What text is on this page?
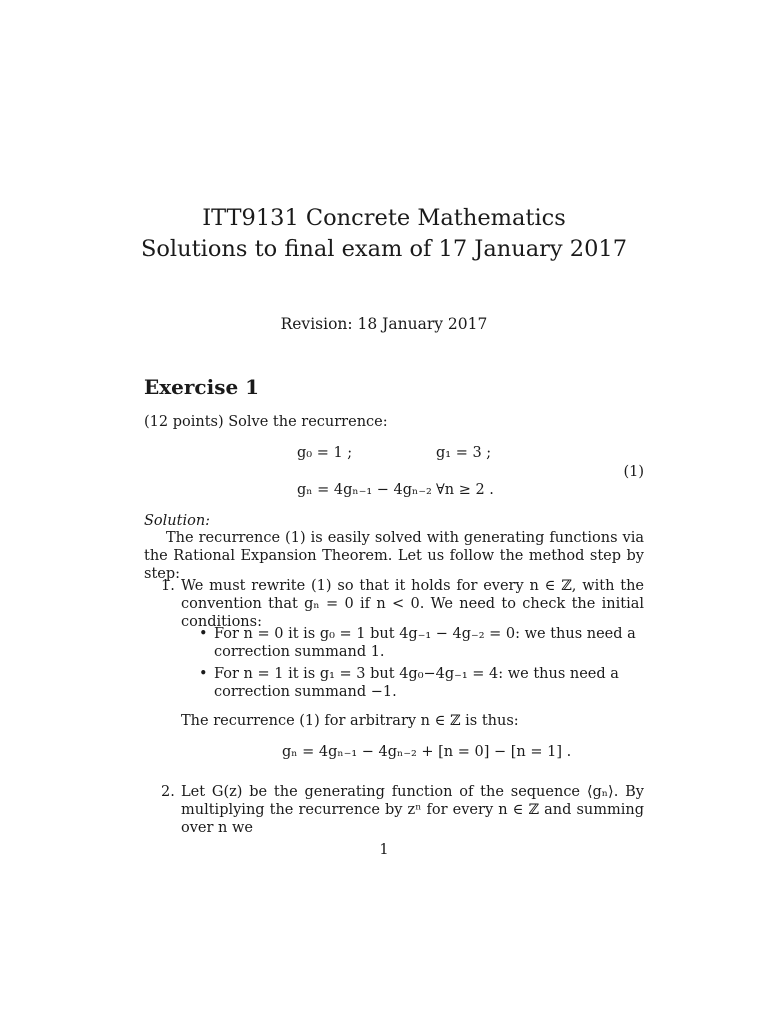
ITT9131 Concrete Mathematics
Solutions to final exam of 17 January 2017
Revision: 18 January 2017
Exercise 1
(12 points) Solve the recurrence:
g₀ = 1 ;	g₁ = 3 ;
gₙ = 4gₙ₋₁ − 4gₙ₋₂ ∀n ≥ 2 .
(1)
Solution:
The recurrence (1) is easily solved with generating functions via the Rational Expansion Theorem. Let us follow the method step by step:
1. We must rewrite (1) so that it holds for every n ∈ ℤ, with the convention that gₙ = 0 if n < 0. We need to check the initial conditions:
• For n = 0 it is g₀ = 1 but 4g₋₁ − 4g₋₂ = 0: we thus need a correction summand 1.
• For n = 1 it is g₁ = 3 but 4g₀−4g₋₁ = 4: we thus need a correction summand −1.
The recurrence (1) for arbitrary n ∈ ℤ is thus:
gₙ = 4gₙ₋₁ − 4gₙ₋₂ + [n = 0] − [n = 1] .
2. Let G(z) be the generating function of the sequence ⟨gₙ⟩. By multiplying the recurrence by zⁿ for every n ∈ ℤ and summing over n we
1
